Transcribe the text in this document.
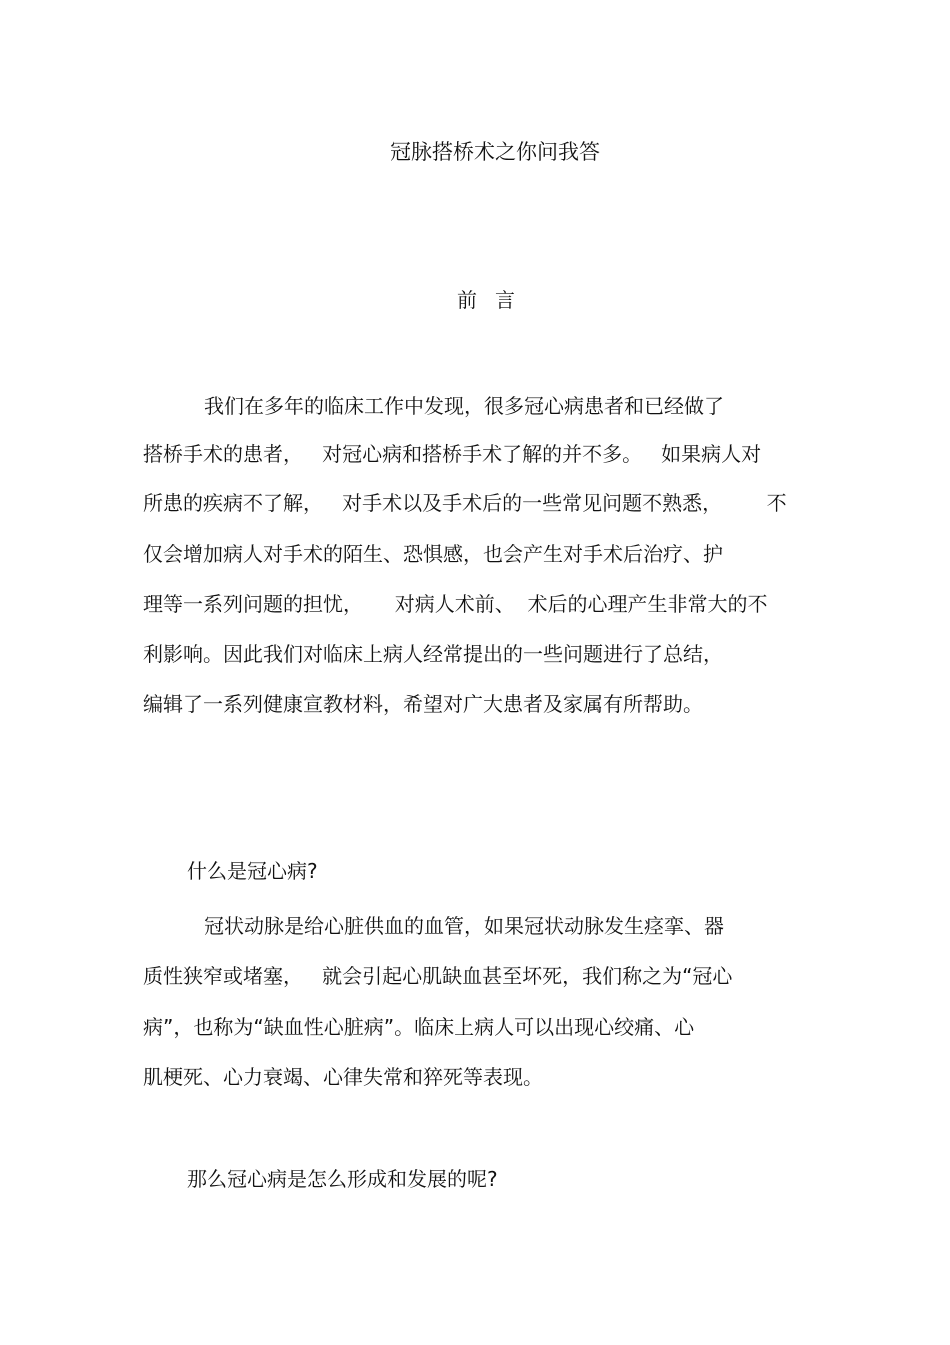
冠脉搭桥术之你问我答
前言

我们在多年的临床工作中发现，很多冠心病患者和已经做了

搭桥手术的患者，   对冠心病和搭桥手术了解的并不多。   如果病人对

所患的疾病不了解，   对手术以及手术后的一些常见问题不熟悉，       不

仅会增加病人对手术的陌生、恐惧感，也会产生对手术后治疗、护

理等一系列问题的担忧，     对病人术前、  术后的心理产生非常大的不

利影响。因此我们对临床上病人经常提出的一些问题进行了总结，

编辑了一系列健康宣教材料，希望对广大患者及家属有所帮助。

什么是冠心病?

冠状动脉是给心脏供血的血管，如果冠状动脉发生痉挛、器

质性狭窄或堵塞，   就会引起心肌缺血甚至坏死，我们称之为“冠心

病”，也称为“缺血性心脏病”。临床上病人可以出现心绞痛、心

肌梗死、心力衰竭、心律失常和猝死等表现。

那么冠心病是怎么形成和发展的呢?
